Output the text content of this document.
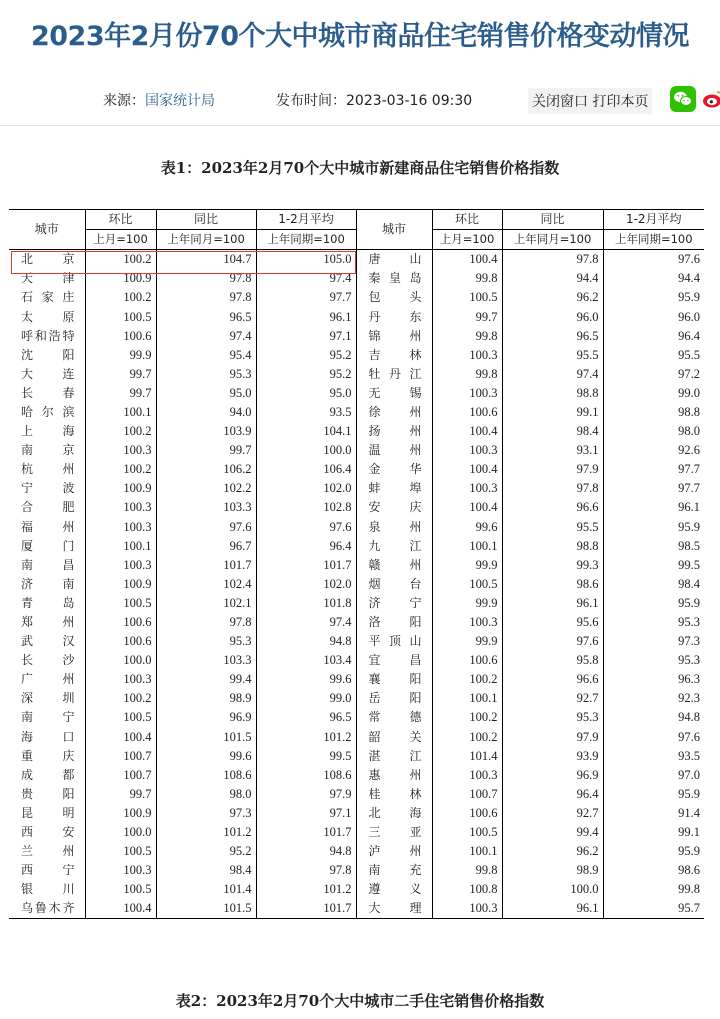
2023年2月份70个大中城市商品住宅销售价格变动情况
来源：国家统计局	发布时间：2023-03-16 09:30	关闭窗口 打印本页
表1：2023年2月70个大中城市新建商品住宅销售价格指数
城市	环比	同比	1-2月平均	城市	环比	同比	1-2月平均
	上月=100	上年同月=100	上年同期=100		上月=100	上年同月=100	上年同期=100
北京	100.2	104.7	105.0	唐山	100.4	97.8	97.6
天津	100.9	97.8	97.4	秦皇岛	99.8	94.4	94.4
石家庄	100.2	97.8	97.7	包头	100.5	96.2	95.9
太原	100.5	96.5	96.1	丹东	99.7	96.0	96.0
呼和浩特	100.6	97.4	97.1	锦州	99.8	96.5	96.4
沈阳	99.9	95.4	95.2	吉林	100.3	95.5	95.5
大连	99.7	95.3	95.2	牡丹江	99.8	97.4	97.2
长春	99.7	95.0	95.0	无锡	100.3	98.8	99.0
哈尔滨	100.1	94.0	93.5	徐州	100.6	99.1	98.8
上海	100.2	103.9	104.1	扬州	100.4	98.4	98.0
南京	100.3	99.7	100.0	温州	100.3	93.1	92.6
杭州	100.2	106.2	106.4	金华	100.4	97.9	97.7
宁波	100.9	102.2	102.0	蚌埠	100.3	97.8	97.7
合肥	100.3	103.3	102.8	安庆	100.4	96.6	96.1
福州	100.3	97.6	97.6	泉州	99.6	95.5	95.9
厦门	100.1	96.7	96.4	九江	100.1	98.8	98.5
南昌	100.3	101.7	101.7	赣州	99.9	99.3	99.5
济南	100.9	102.4	102.0	烟台	100.5	98.6	98.4
青岛	100.5	102.1	101.8	济宁	99.9	96.1	95.9
郑州	100.6	97.8	97.4	洛阳	100.3	95.6	95.3
武汉	100.6	95.3	94.8	平顶山	99.9	97.6	97.3
长沙	100.0	103.3	103.4	宜昌	100.6	95.8	95.3
广州	100.3	99.4	99.6	襄阳	100.2	96.6	96.3
深圳	100.2	98.9	99.0	岳阳	100.1	92.7	92.3
南宁	100.5	96.9	96.5	常德	100.2	95.3	94.8
海口	100.4	101.5	101.2	韶关	100.2	97.9	97.6
重庆	100.7	99.6	99.5	湛江	101.4	93.9	93.5
成都	100.7	108.6	108.6	惠州	100.3	96.9	97.0
贵阳	99.7	98.0	97.9	桂林	100.7	96.4	95.9
昆明	100.9	97.3	97.1	北海	100.6	92.7	91.4
西安	100.0	101.2	101.7	三亚	100.5	99.4	99.1
兰州	100.5	95.2	94.8	泸州	100.1	96.2	95.9
西宁	100.3	98.4	97.8	南充	99.8	98.9	98.6
银川	100.5	101.4	101.2	遵义	100.8	100.0	99.8
乌鲁木齐	100.4	101.5	101.7	大理	100.3	96.1	95.7
表2：2023年2月70个大中城市二手住宅销售价格指数
